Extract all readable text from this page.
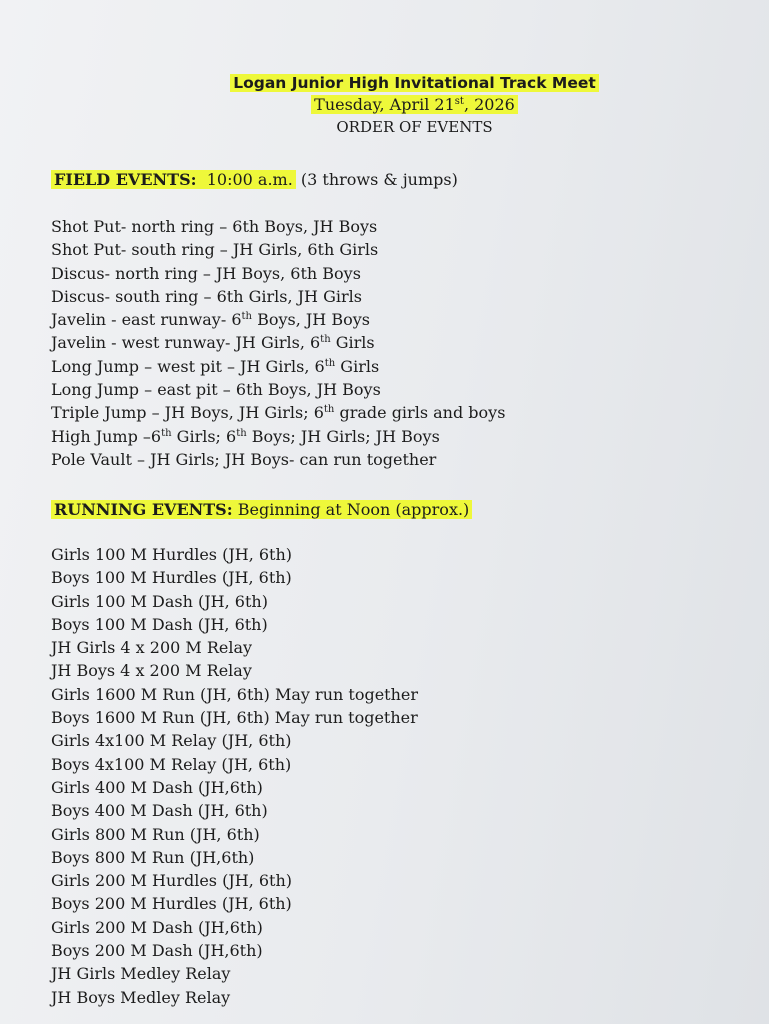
Logan Junior High Invitational Track Meet
Tuesday, April 21st, 2026
ORDER OF EVENTS
FIELD EVENTS: 10:00 a.m. (3 throws & jumps)
Shot Put- north ring – 6th Boys, JH Boys
Shot Put- south ring – JH Girls, 6th Girls
Discus- north ring – JH Boys, 6th Boys
Discus- south ring – 6th Girls, JH Girls
Javelin - east runway- 6th Boys, JH Boys
Javelin - west runway- JH Girls, 6th Girls
Long Jump – west pit – JH Girls, 6th Girls
Long Jump – east pit – 6th Boys, JH Boys
Triple Jump – JH Boys, JH Girls; 6th grade girls and boys
High Jump –6th Girls; 6th Boys; JH Girls; JH Boys
Pole Vault – JH Girls; JH Boys- can run together
RUNNING EVENTS: Beginning at Noon (approx.)
Girls 100 M Hurdles (JH, 6th)
Boys 100 M Hurdles (JH, 6th)
Girls 100 M Dash (JH, 6th)
Boys 100 M Dash (JH, 6th)
JH Girls 4 x 200 M Relay
JH Boys 4 x 200 M Relay
Girls 1600 M Run (JH, 6th) May run together
Boys 1600 M Run (JH, 6th) May run together
Girls 4x100 M Relay (JH, 6th)
Boys 4x100 M Relay (JH, 6th)
Girls 400 M Dash (JH,6th)
Boys 400 M Dash (JH, 6th)
Girls 800 M Run (JH, 6th)
Boys 800 M Run (JH,6th)
Girls 200 M Hurdles (JH, 6th)
Boys 200 M Hurdles (JH, 6th)
Girls 200 M Dash (JH,6th)
Boys 200 M Dash (JH,6th)
JH Girls Medley Relay
JH Boys Medley Relay
